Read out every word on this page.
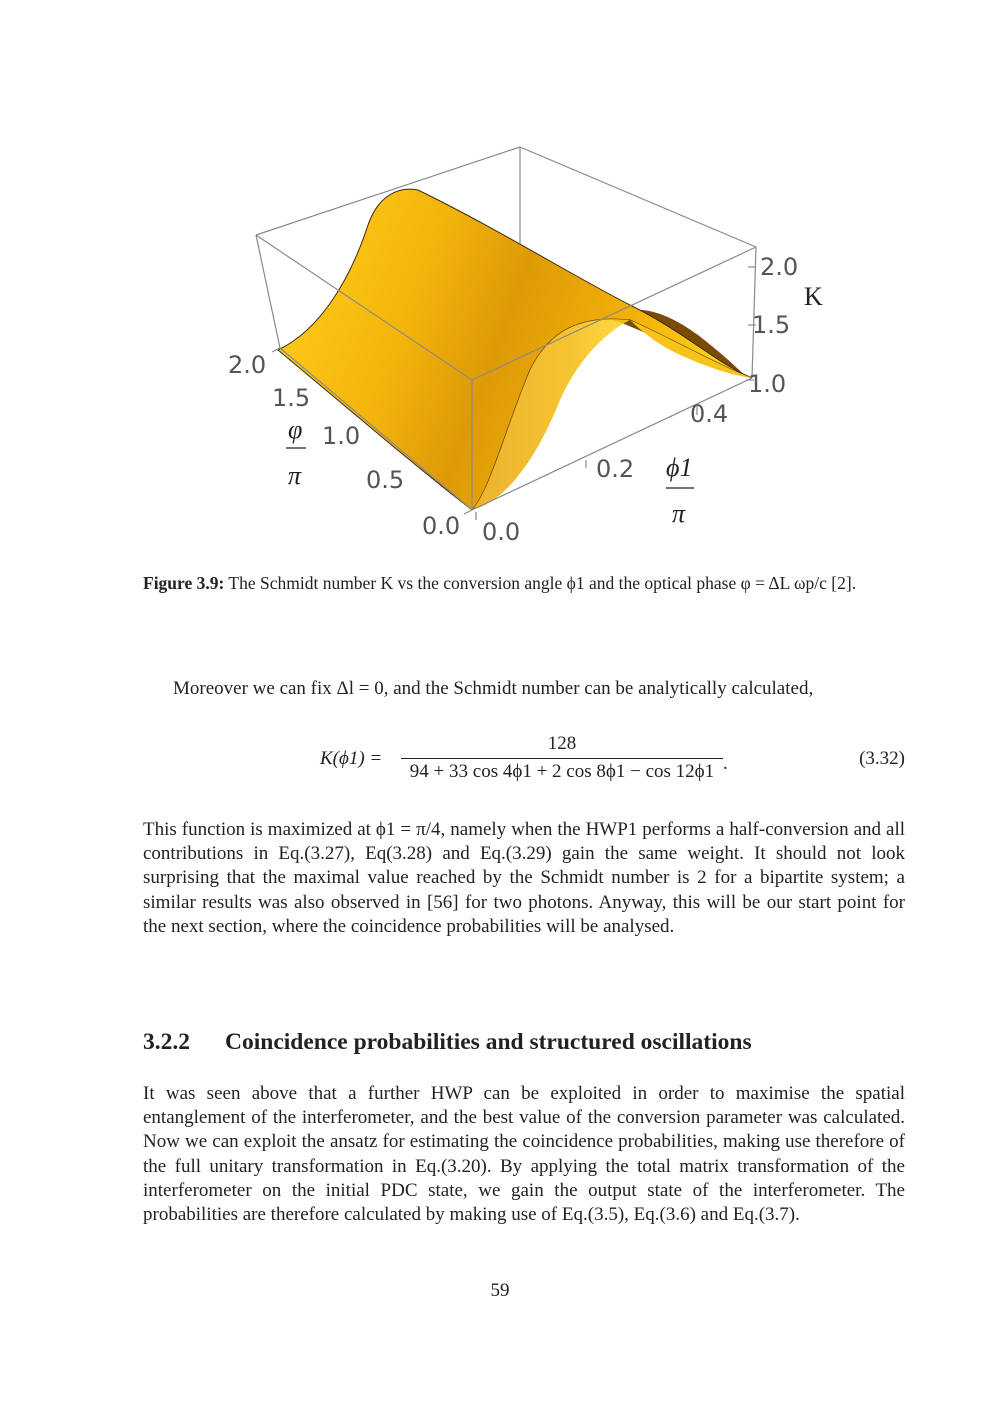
2.0
1.5
1.0
K
0.0
0.2
0.4
ϕ1
π
2.0
1.5
1.0
0.5
0.0
φ
π
Figure 3.9: The Schmidt number K vs the conversion angle ϕ1 and the optical phase φ = ΔL ωp/c [2].
Moreover we can fix Δl = 0, and the Schmidt number can be analytically calculated,
$K(\phi 1) = \frac{128}{94 + 33 \cos 4\phi 1 + 2 \cos 8\phi 1 - \cos 12\phi 1}$ .	(3.32)
This function is maximized at ϕ1 = π/4, namely when the HWP1 performs a half-conversion and all contributions in Eq.(3.27), Eq(3.28) and Eq.(3.29) gain the same weight. It should not look surprising that the maximal value reached by the Schmidt number is 2 for a bipartite system; a similar results was also observed in [56] for two photons. Anyway, this will be our start point for the next section, where the coincidence probabilities will be analysed.
3.2.2 Coincidence probabilities and structured oscillations
It was seen above that a further HWP can be exploited in order to maximise the spatial entanglement of the interferometer, and the best value of the conversion parameter was calculated. Now we can exploit the ansatz for estimating the coincidence probabilities, making use therefore of the full unitary transformation in Eq.(3.20). By applying the total matrix transformation of the interferometer on the initial PDC state, we gain the output state of the interferometer. The probabilities are therefore calculated by making use of Eq.(3.5), Eq.(3.6) and Eq.(3.7).
59
